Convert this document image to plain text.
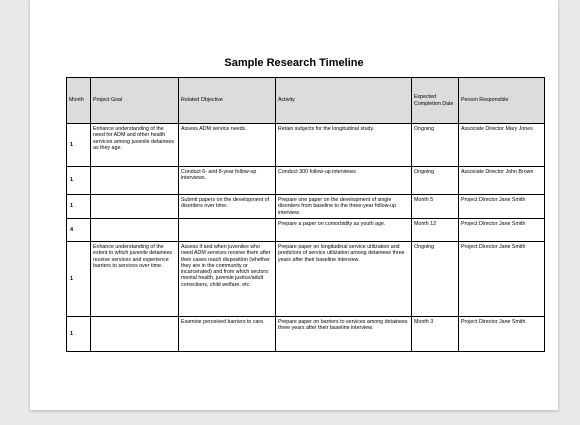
Sample Research Timeline
Month	Project Goal	Related Objective	Activity	Expected Completion Date	Person Responsible
1	Enhance understanding of the need for ADM and other health services among juvenile detainees as they age.	Assess ADM service needs.	Retain subjects for the longitudinal study.	Ongoing	Associate Director Mary Jones
1		Conduct 6- and 8-year follow-up interviews.	Conduct 300 follow-up interviews	Ongoing	Associate Director John Brown
1		Submit papers on the development of disorders over time.	Prepare one paper on the development of single disorders from baseline to the three-year follow-up interview.	Month 5	Project Director Jane Smith
4			Prepare a paper on comorbidity as youth age.	Month 12	Project Director Jane Smith
1	Enhance understanding of the extent to which juvenile detainees receive services and experience barriers to services over time.	Assess if and when juveniles who need ADM services receive them after their cases reach disposition (whether they are in the community or incarcerated) and from which sectors: mental health, juvenile justice/adult corrections, child welfare, etc.	Prepare paper on longitudinal service utilization and predictors of service utilization among detainees three years after their baseline interview.	Ongoing	Project Director Jane Smith
1		Examine perceived barriers to care.	Prepare paper on barriers to services among detainees three years after their baseline interview.	Month 3	Project Director Jane Smith
